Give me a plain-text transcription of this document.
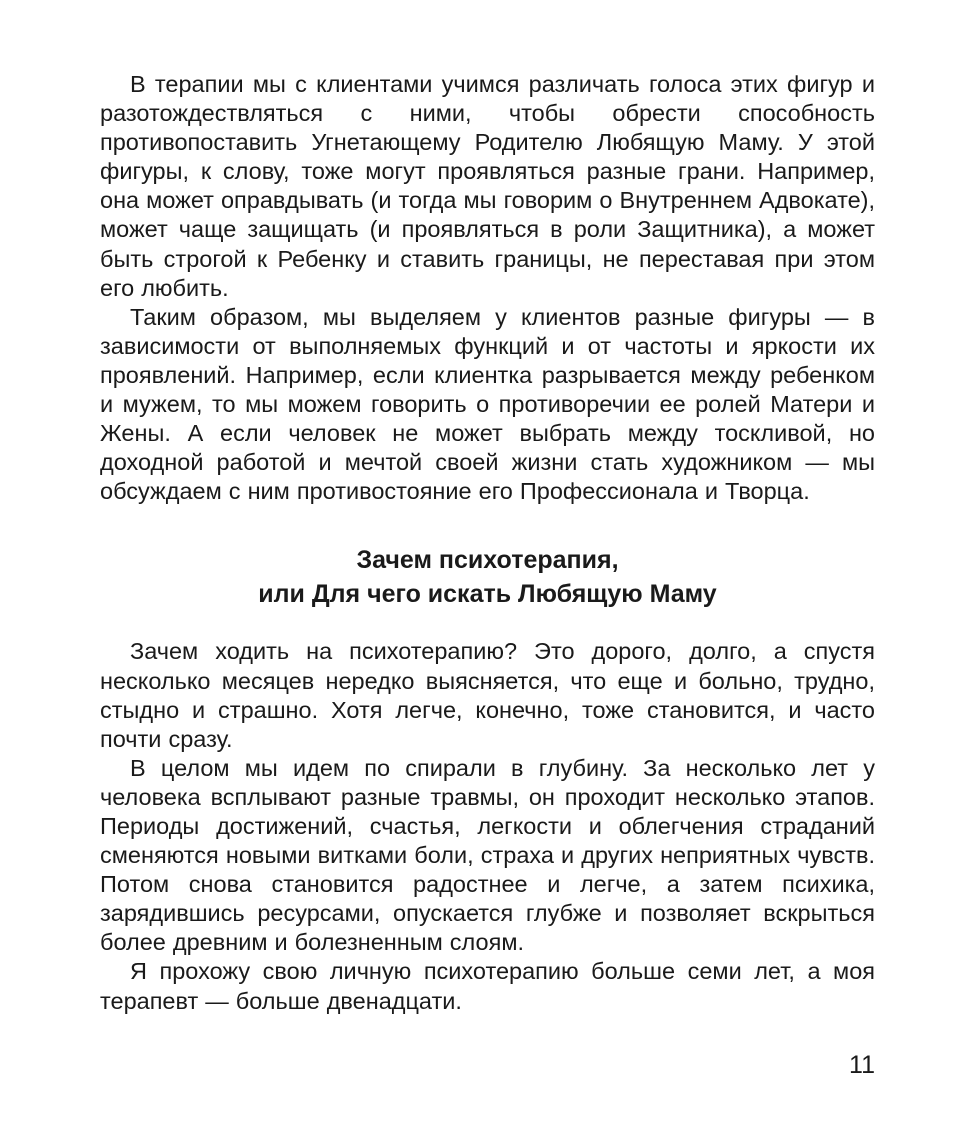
В терапии мы с клиентами учимся различать голоса этих фигур и разотождествляться с ними, чтобы обрести способность противопоставить Угнетающему Родителю Любящую Маму. У этой фигуры, к слову, тоже могут проявляться разные грани. Например, она может оправдывать (и тогда мы говорим о Внутреннем Адвокате), может чаще защищать (и проявляться в роли Защитника), а может быть строгой к Ребенку и ставить границы, не переставая при этом его любить.

Таким образом, мы выделяем у клиентов разные фигуры — в зависимости от выполняемых функций и от частоты и яркости их проявлений. Например, если клиентка разрывается между ребенком и мужем, то мы можем говорить о противоречии ее ролей Матери и Жены. А если человек не может выбрать между тоскливой, но доходной работой и мечтой своей жизни стать художником — мы обсуждаем с ним противостояние его Профессионала и Творца.

Зачем психотерапия,
или Для чего искать Любящую Маму

Зачем ходить на психотерапию? Это дорого, долго, а спустя несколько месяцев нередко выясняется, что еще и больно, трудно, стыдно и страшно. Хотя легче, конечно, тоже становится, и часто почти сразу.

В целом мы идем по спирали в глубину. За несколько лет у человека всплывают разные травмы, он проходит несколько этапов. Периоды достижений, счастья, легкости и облегчения страданий сменяются новыми витками боли, страха и других неприятных чувств. Потом снова становится радостнее и легче, а затем психика, зарядившись ресурсами, опускается глубже и позволяет вскрыться более древним и болезненным слоям.

Я прохожу свою личную психотерапию больше семи лет, а моя терапевт — больше двенадцати.

11
